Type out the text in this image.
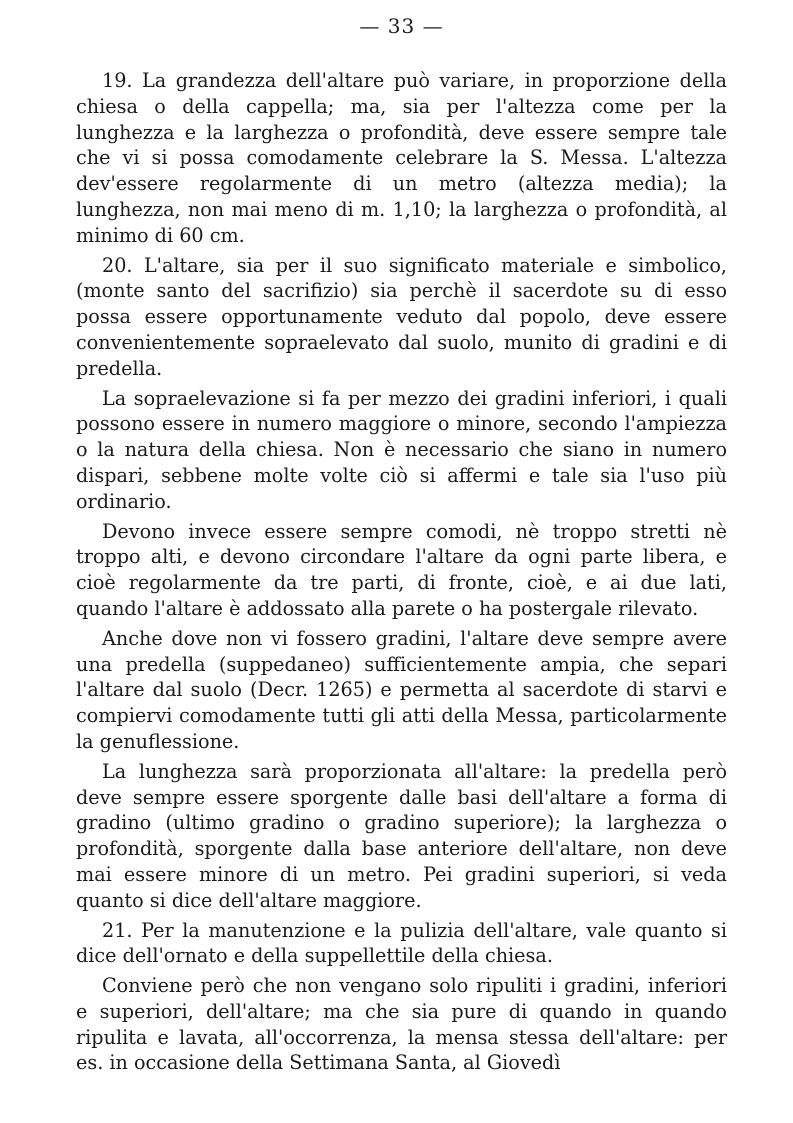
— 33 —

19. La grandezza dell'altare può variare, in proporzione della chiesa o della cappella; ma, sia per l'altezza come per la lunghezza e la larghezza o profondità, deve essere sempre tale che vi si possa comodamente celebrare la S. Messa. L'altezza dev'essere regolarmente di un metro (altezza media); la lunghezza, non mai meno di m. 1,10; la larghezza o profondità, al minimo di 60 cm.

20. L'altare, sia per il suo significato materiale e simbolico, (monte santo del sacrifizio) sia perchè il sacerdote su di esso possa essere opportunamente veduto dal popolo, deve essere convenientemente sopraelevato dal suolo, munito di gradini e di predella.

La sopraelevazione si fa per mezzo dei gradini inferiori, i quali possono essere in numero maggiore o minore, secondo l'ampiezza o la natura della chiesa. Non è necessario che siano in numero dispari, sebbene molte volte ciò si affermi e tale sia l'uso più ordinario.

Devono invece essere sempre comodi, nè troppo stretti nè troppo alti, e devono circondare l'altare da ogni parte libera, e cioè regolarmente da tre parti, di fronte, cioè, e ai due lati, quando l'altare è addossato alla parete o ha postergale rilevato.

Anche dove non vi fossero gradini, l'altare deve sempre avere una predella (suppedaneo) sufficientemente ampia, che separi l'altare dal suolo (Decr. 1265) e permetta al sacerdote di starvi e compiervi comodamente tutti gli atti della Messa, particolarmente la genuflessione.

La lunghezza sarà proporzionata all'altare: la predella però deve sempre essere sporgente dalle basi dell'altare a forma di gradino (ultimo gradino o gradino superiore); la larghezza o profondità, sporgente dalla base anteriore dell'altare, non deve mai essere minore di un metro. Pei gradini superiori, si veda quanto si dice dell'altare maggiore.

21. Per la manutenzione e la pulizia dell'altare, vale quanto si dice dell'ornato e della suppellettile della chiesa.

Conviene però che non vengano solo ripuliti i gradini, inferiori e superiori, dell'altare; ma che sia pure di quando in quando ripulita e lavata, all'occorrenza, la mensa stessa dell'altare: per es. in occasione della Settimana Santa, al Giovedì
